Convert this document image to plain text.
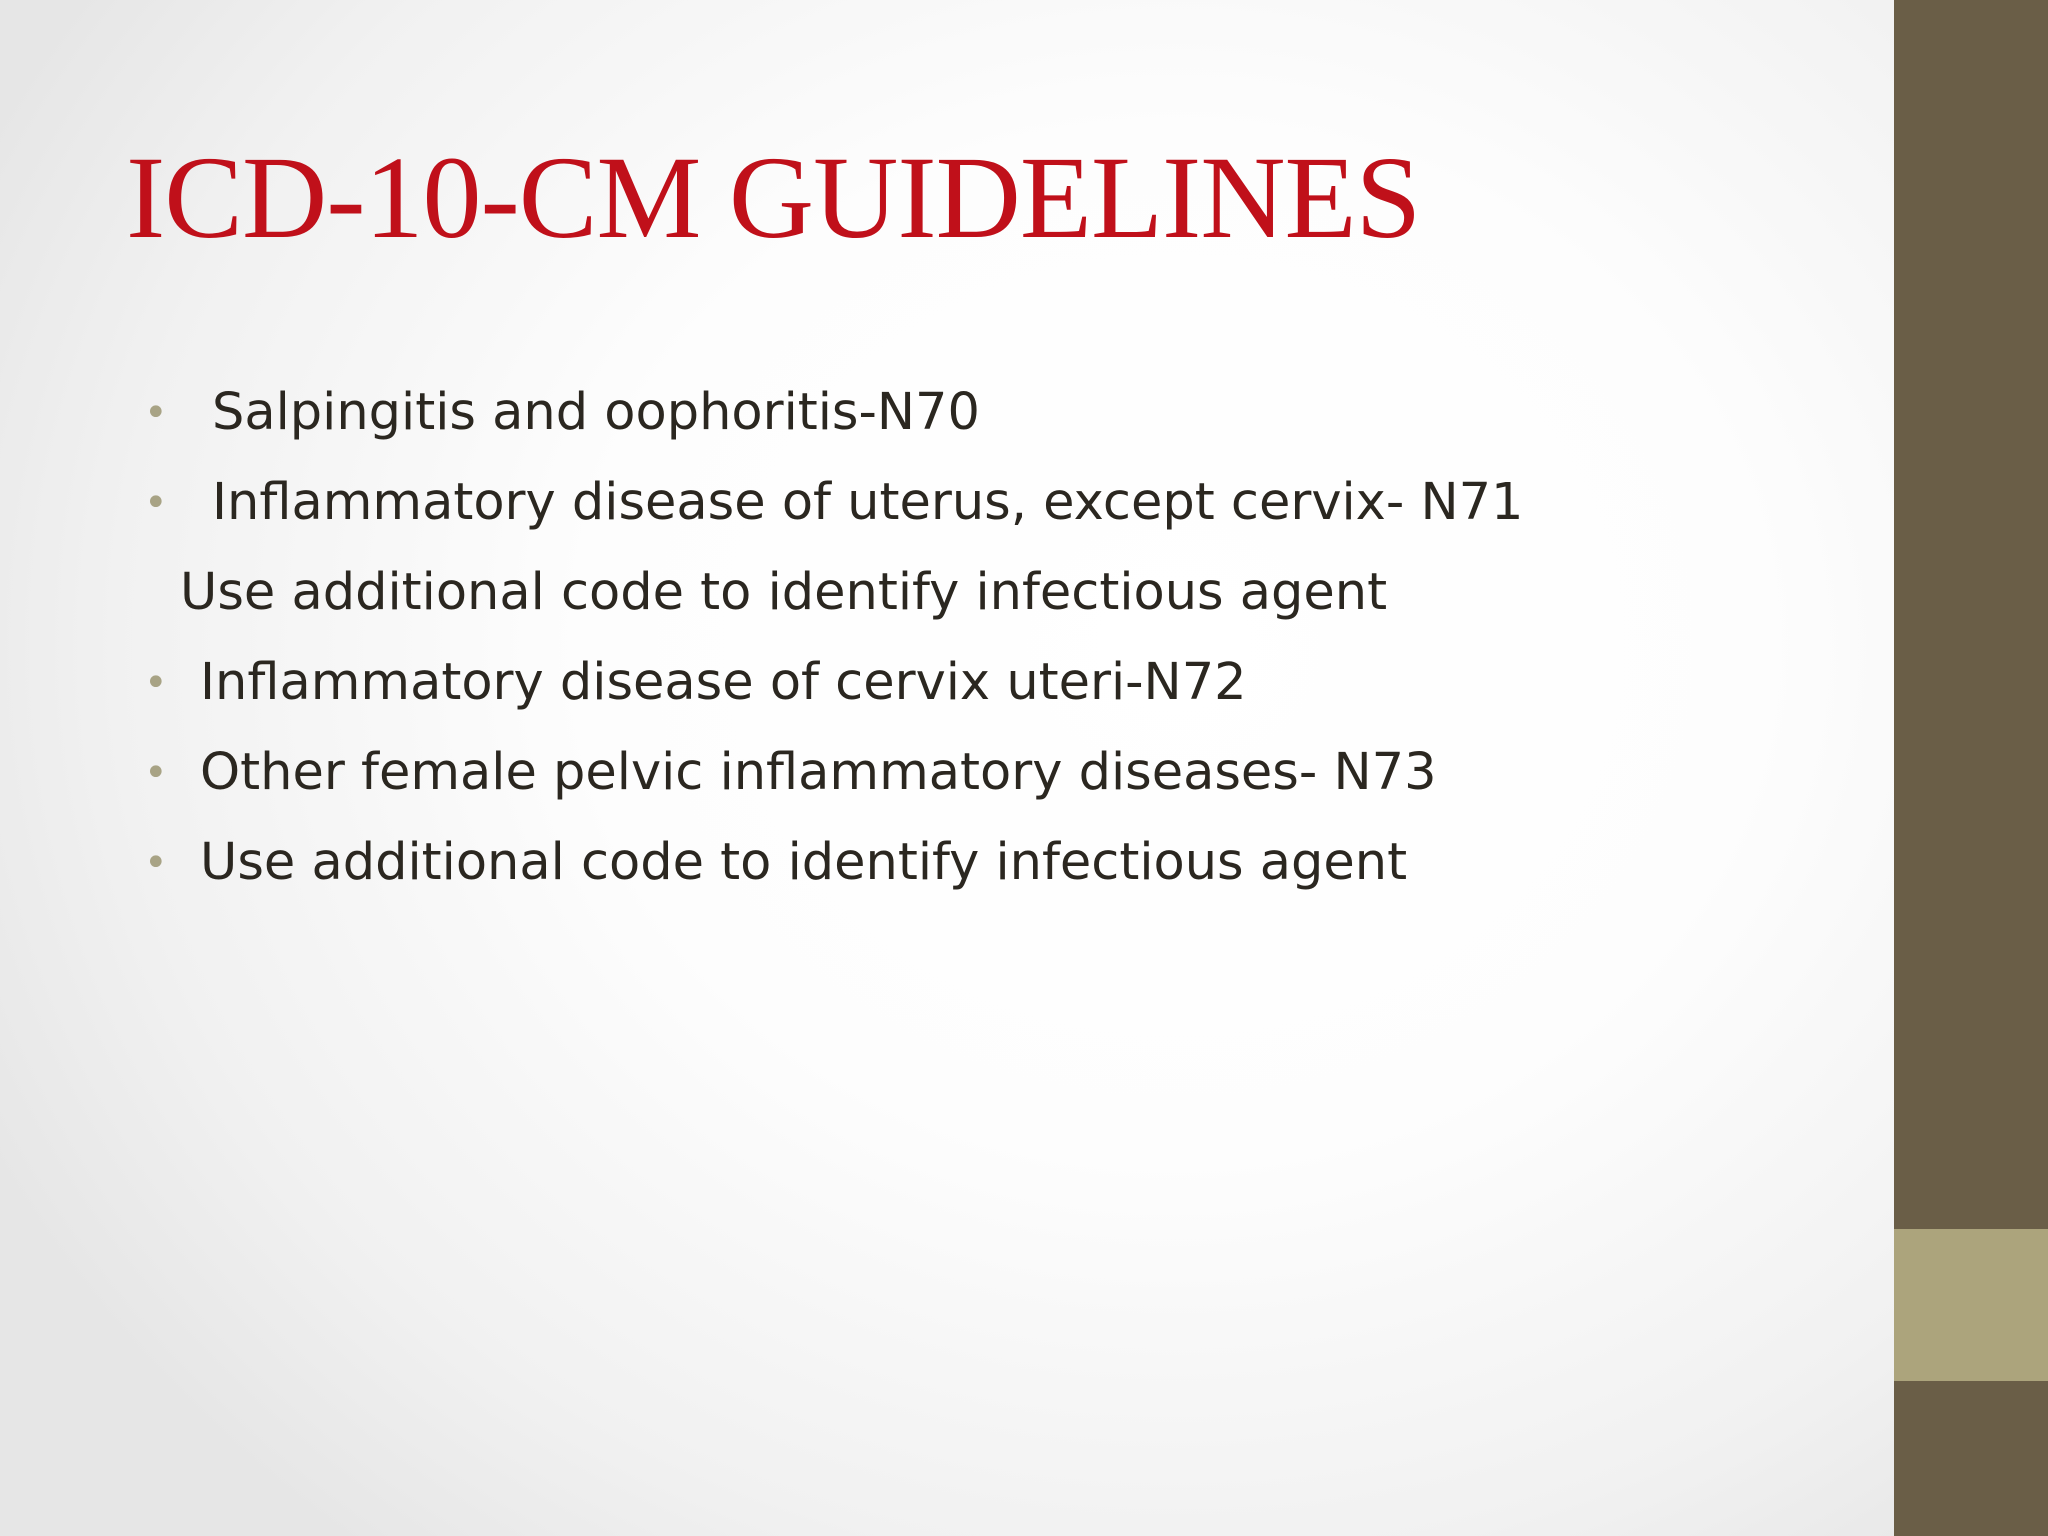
ICD-10-CM GUIDELINES
• Salpingitis and oophoritis-N70
• Inflammatory disease of uterus, except cervix- N71
Use additional code to identify infectious agent
• Inflammatory disease of cervix uteri-N72
• Other female pelvic inflammatory diseases- N73
• Use additional code to identify infectious agent
